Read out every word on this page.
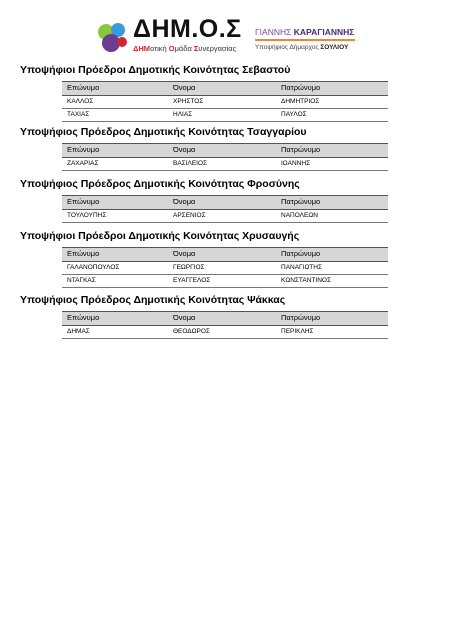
ΔΗΜ.Ο.Σ
ΔΗΜοτική Ομάδα Συνεργασίας
ΓΙΑΝΝΗΣ ΚΑΡΑΓΙΑΝΝΗΣ
Υποψήφιος Δήμαρχος ΣΟΥΛΙΟΥ
Υποψήφιοι Πρόεδροι Δημοτικής Κοινότητας Σεβαστού
Επώνυμο	Όνομα	Πατρώνυμο
ΚΑΛΛΟΣ	ΧΡΗΣΤΟΣ	ΔΗΜΗΤΡΙΟΣ
ΤΑΧΙΑΣ	ΗΛΙΑΣ	ΠΑΥΛΟΣ
Υποψήφιος Πρόεδρος Δημοτικής Κοινότητας Τσαγγαρίου
Επώνυμο	Όνομα	Πατρώνυμο
ΖΑΧΑΡΙΑΣ	ΒΑΣΙΛΕΙΟΣ	ΙΩΑΝΝΗΣ
Υποψήφιος Πρόεδρος Δημοτικής Κοινότητας Φροσύνης
Επώνυμο	Όνομα	Πατρώνυμο
ΤΟΥΛΟΥΠΗΣ	ΑΡΣΕΝΙΟΣ	ΝΑΠΟΛΕΩΝ
Υποψήφιοι Πρόεδροι Δημοτικής Κοινότητας Χρυσαυγής
Επώνυμο	Όνομα	Πατρώνυμο
ΓΑΛΑΝΟΠΟΥΛΟΣ	ΓΕΩΡΓΙΟΣ	ΠΑΝΑΓΙΩΤΗΣ
ΝΤΑΓΚΑΣ	ΕΥΑΓΓΕΛΟΣ	ΚΩΝΣΤΑΝΤΙΝΟΣ
Υποψήφιος Πρόεδρος Δημοτικής Κοινότητας Ψάκκας
Επώνυμο	Όνομα	Πατρώνυμο
ΔΗΜΑΣ	ΘΕΟΔΩΡΟΣ	ΠΕΡΙΚΛΗΣ
